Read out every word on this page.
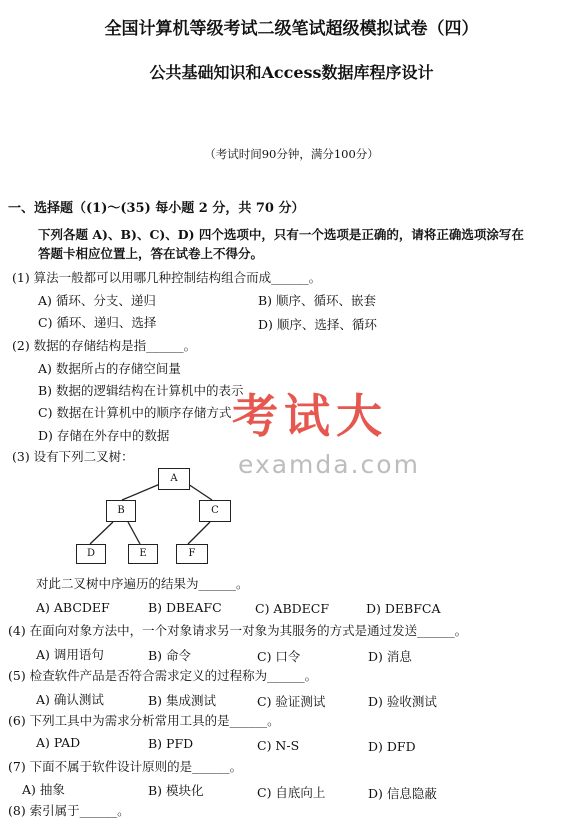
全国计算机等级考试二级笔试超级模拟试卷（四）
公共基础知识和Access数据库程序设计
（考试时间90分钟，满分100分）
一、选择题（(1)～(35) 每小题 2 分，共 70 分）
下列各题 A)、B)、C)、D) 四个选项中，只有一个选项是正确的，请将正确选项涂写在
答题卡相应位置上，答在试卷上不得分。
(1) 算法一般都可以用哪几种控制结构组合而成______。
A) 循环、分支、递归	B) 顺序、循环、嵌套
C) 循环、递归、选择	D) 顺序、选择、循环
(2) 数据的存储结构是指______。
A) 数据所占的存储空间量
B) 数据的逻辑结构在计算机中的表示
C) 数据在计算机中的顺序存储方式
D) 存储在外存中的数据 考试大
examda.com
(3) 设有下列二叉树：
A
B	C
D	E	F
对此二叉树中序遍历的结果为______。
A) ABCDEF	B) DBEAFC	C) ABDECF	D) DEBFCA
(4) 在面向对象方法中，一个对象请求另一对象为其服务的方式是通过发送______。
A) 调用语句	B) 命令	C) 口令	D) 消息
(5) 检查软件产品是否符合需求定义的过程称为______。
A) 确认测试	B) 集成测试	C) 验证测试	D) 验收测试
(6) 下列工具中为需求分析常用工具的是______。
A) PAD	B) PFD	C) N-S	D) DFD
(7) 下面不属于软件设计原则的是______。
A) 抽象	B) 模块化	C) 自底向上	D) 信息隐蔽
(8) 索引属于______。
